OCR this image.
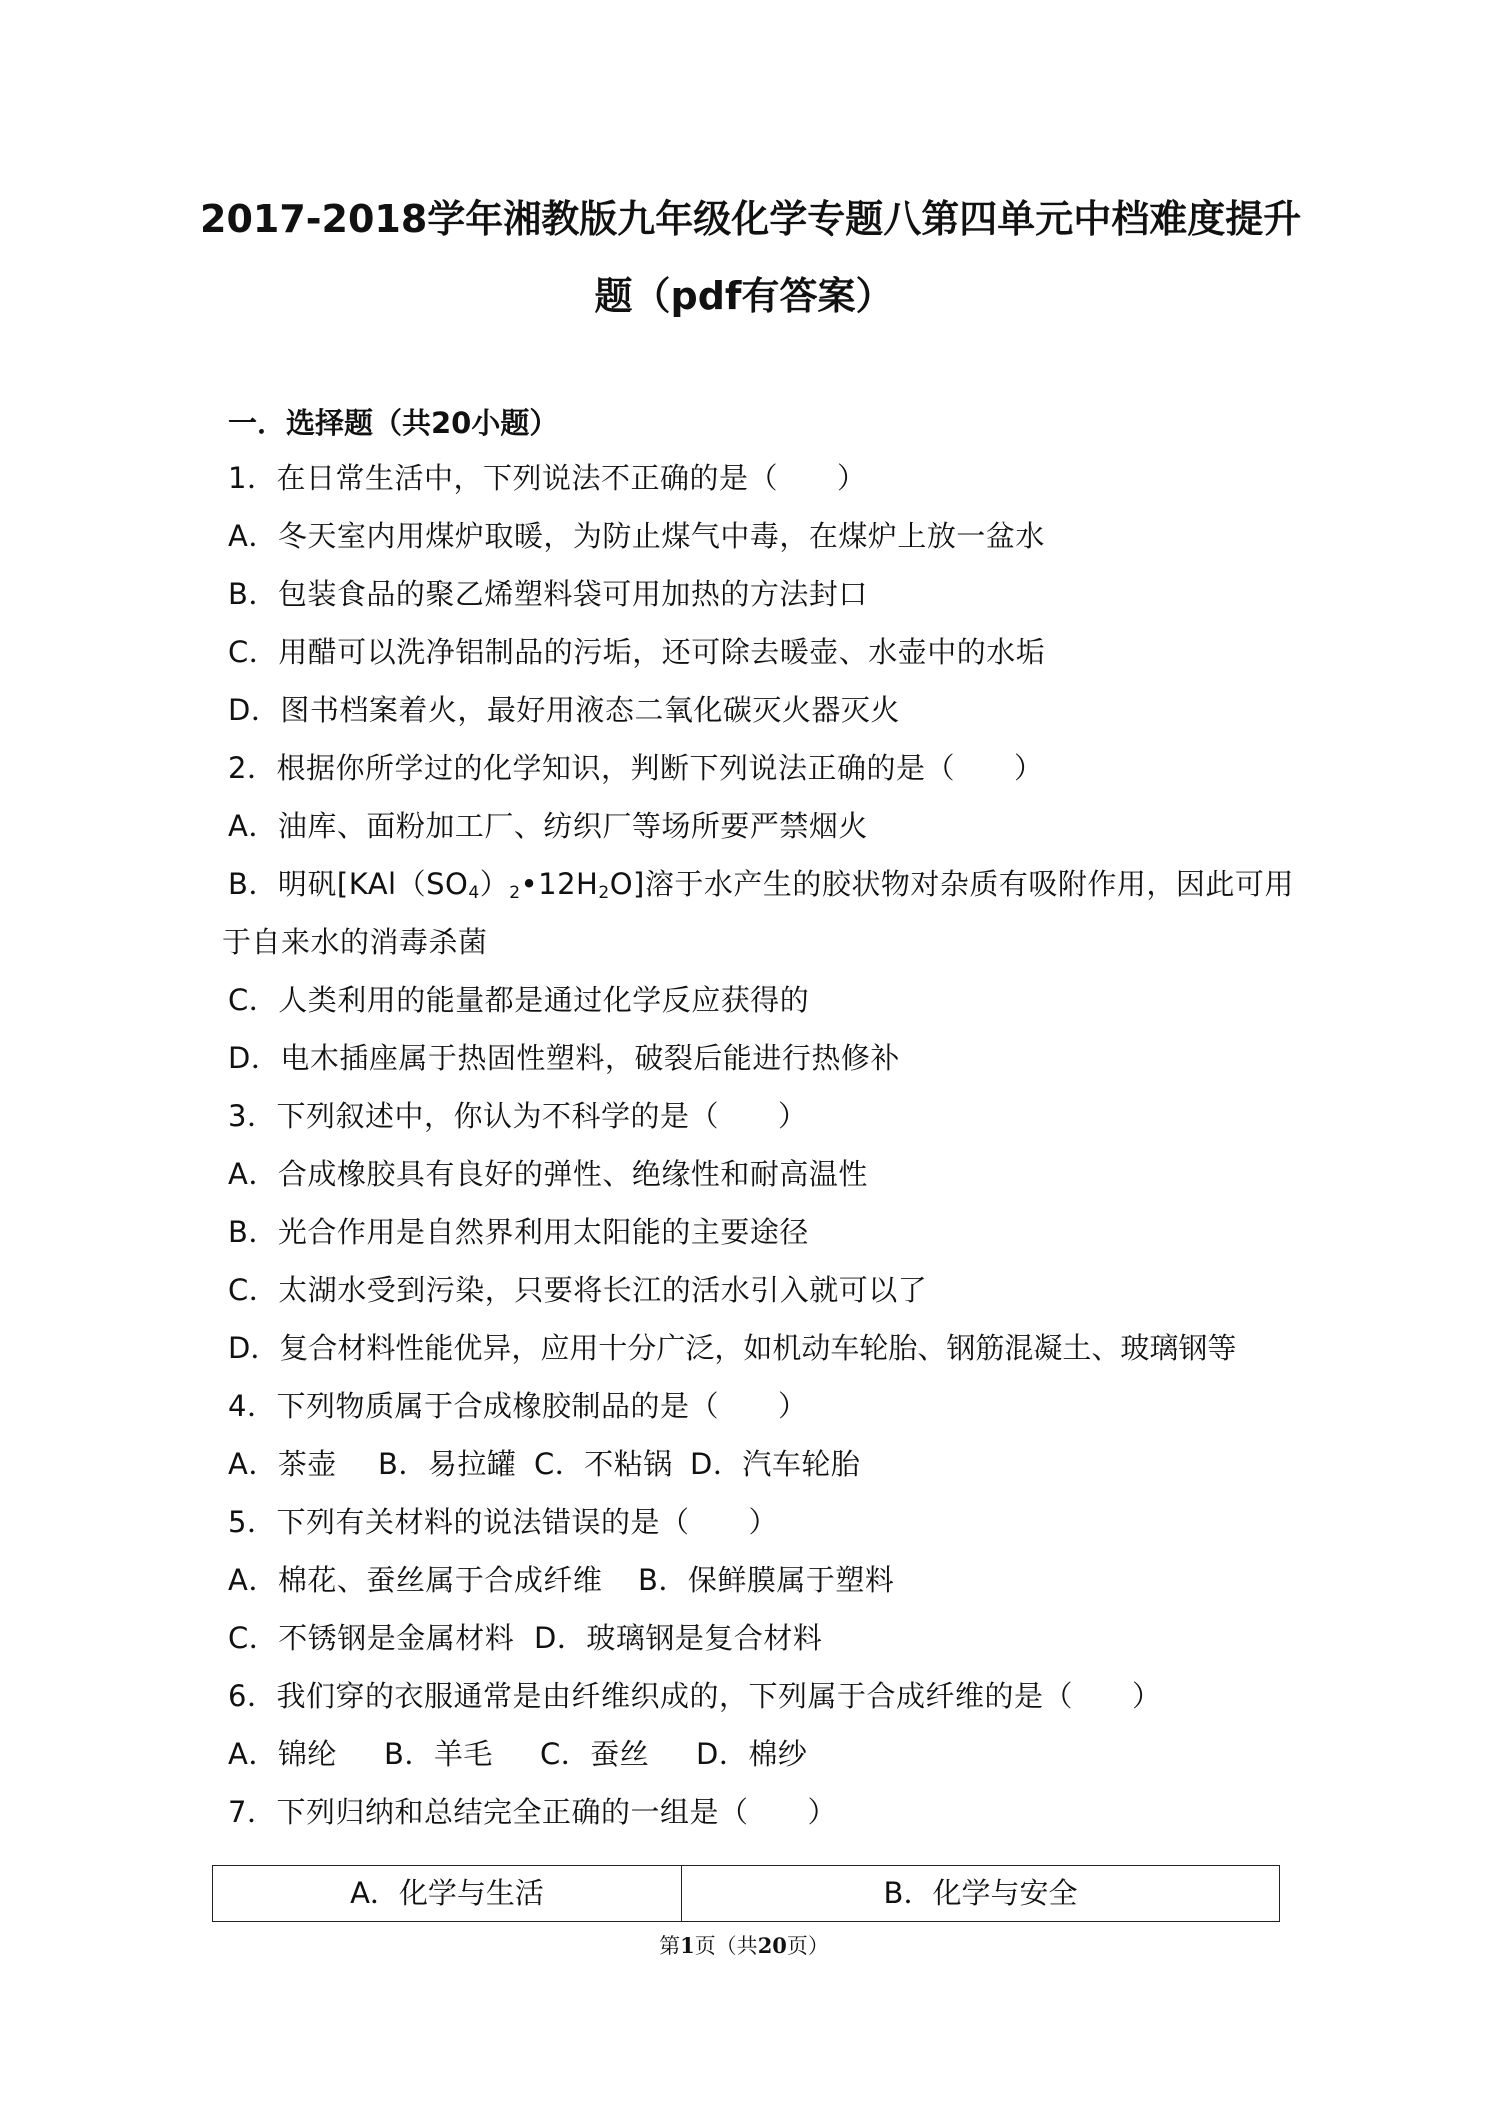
2017-2018学年湘教版九年级化学专题八第四单元中档难度提升
题（pdf有答案）
一．选择题（共20小题）
1．在日常生活中，下列说法不正确的是（　　）
A．冬天室内用煤炉取暖，为防止煤气中毒，在煤炉上放一盆水
B．包装食品的聚乙烯塑料袋可用加热的方法封口
C．用醋可以洗净铝制品的污垢，还可除去暖壶、水壶中的水垢
D．图书档案着火，最好用液态二氧化碳灭火器灭火
2．根据你所学过的化学知识，判断下列说法正确的是（　　）
A．油库、面粉加工厂、纺织厂等场所要严禁烟火
B．明矾$[KAl(SO_4)_2•12H_2O]$溶于水产生的胶状物对杂质有吸附作用，因此可用
于自来水的消毒杀菌
C．人类利用的能量都是通过化学反应获得的
D．电木插座属于热固性塑料，破裂后能进行热修补
3．下列叙述中，你认为不科学的是（　　）
A．合成橡胶具有良好的弹性、绝缘性和耐高温性
B．光合作用是自然界利用太阳能的主要途径
C．太湖水受到污染，只要将长江的活水引入就可以了
D．复合材料性能优异，应用十分广泛，如机动车轮胎、钢筋混凝土、玻璃钢等
4．下列物质属于合成橡胶制品的是（　　）
A．茶壶　B．易拉罐 C．不粘锅 D．汽车轮胎
5．下列有关材料的说法错误的是（　　）
A．棉花、蚕丝属于合成纤维 B．保鲜膜属于塑料
C．不锈钢是金属材料 D．玻璃钢是复合材料
6．我们穿的衣服通常是由纤维织成的，下列属于合成纤维的是（　　）
A．锦纶 B．羊毛 C．蚕丝 D．棉纱
7．下列归纳和总结完全正确的一组是（　　）
A．化学与生活	B．化学与安全
第1页（共20页）
